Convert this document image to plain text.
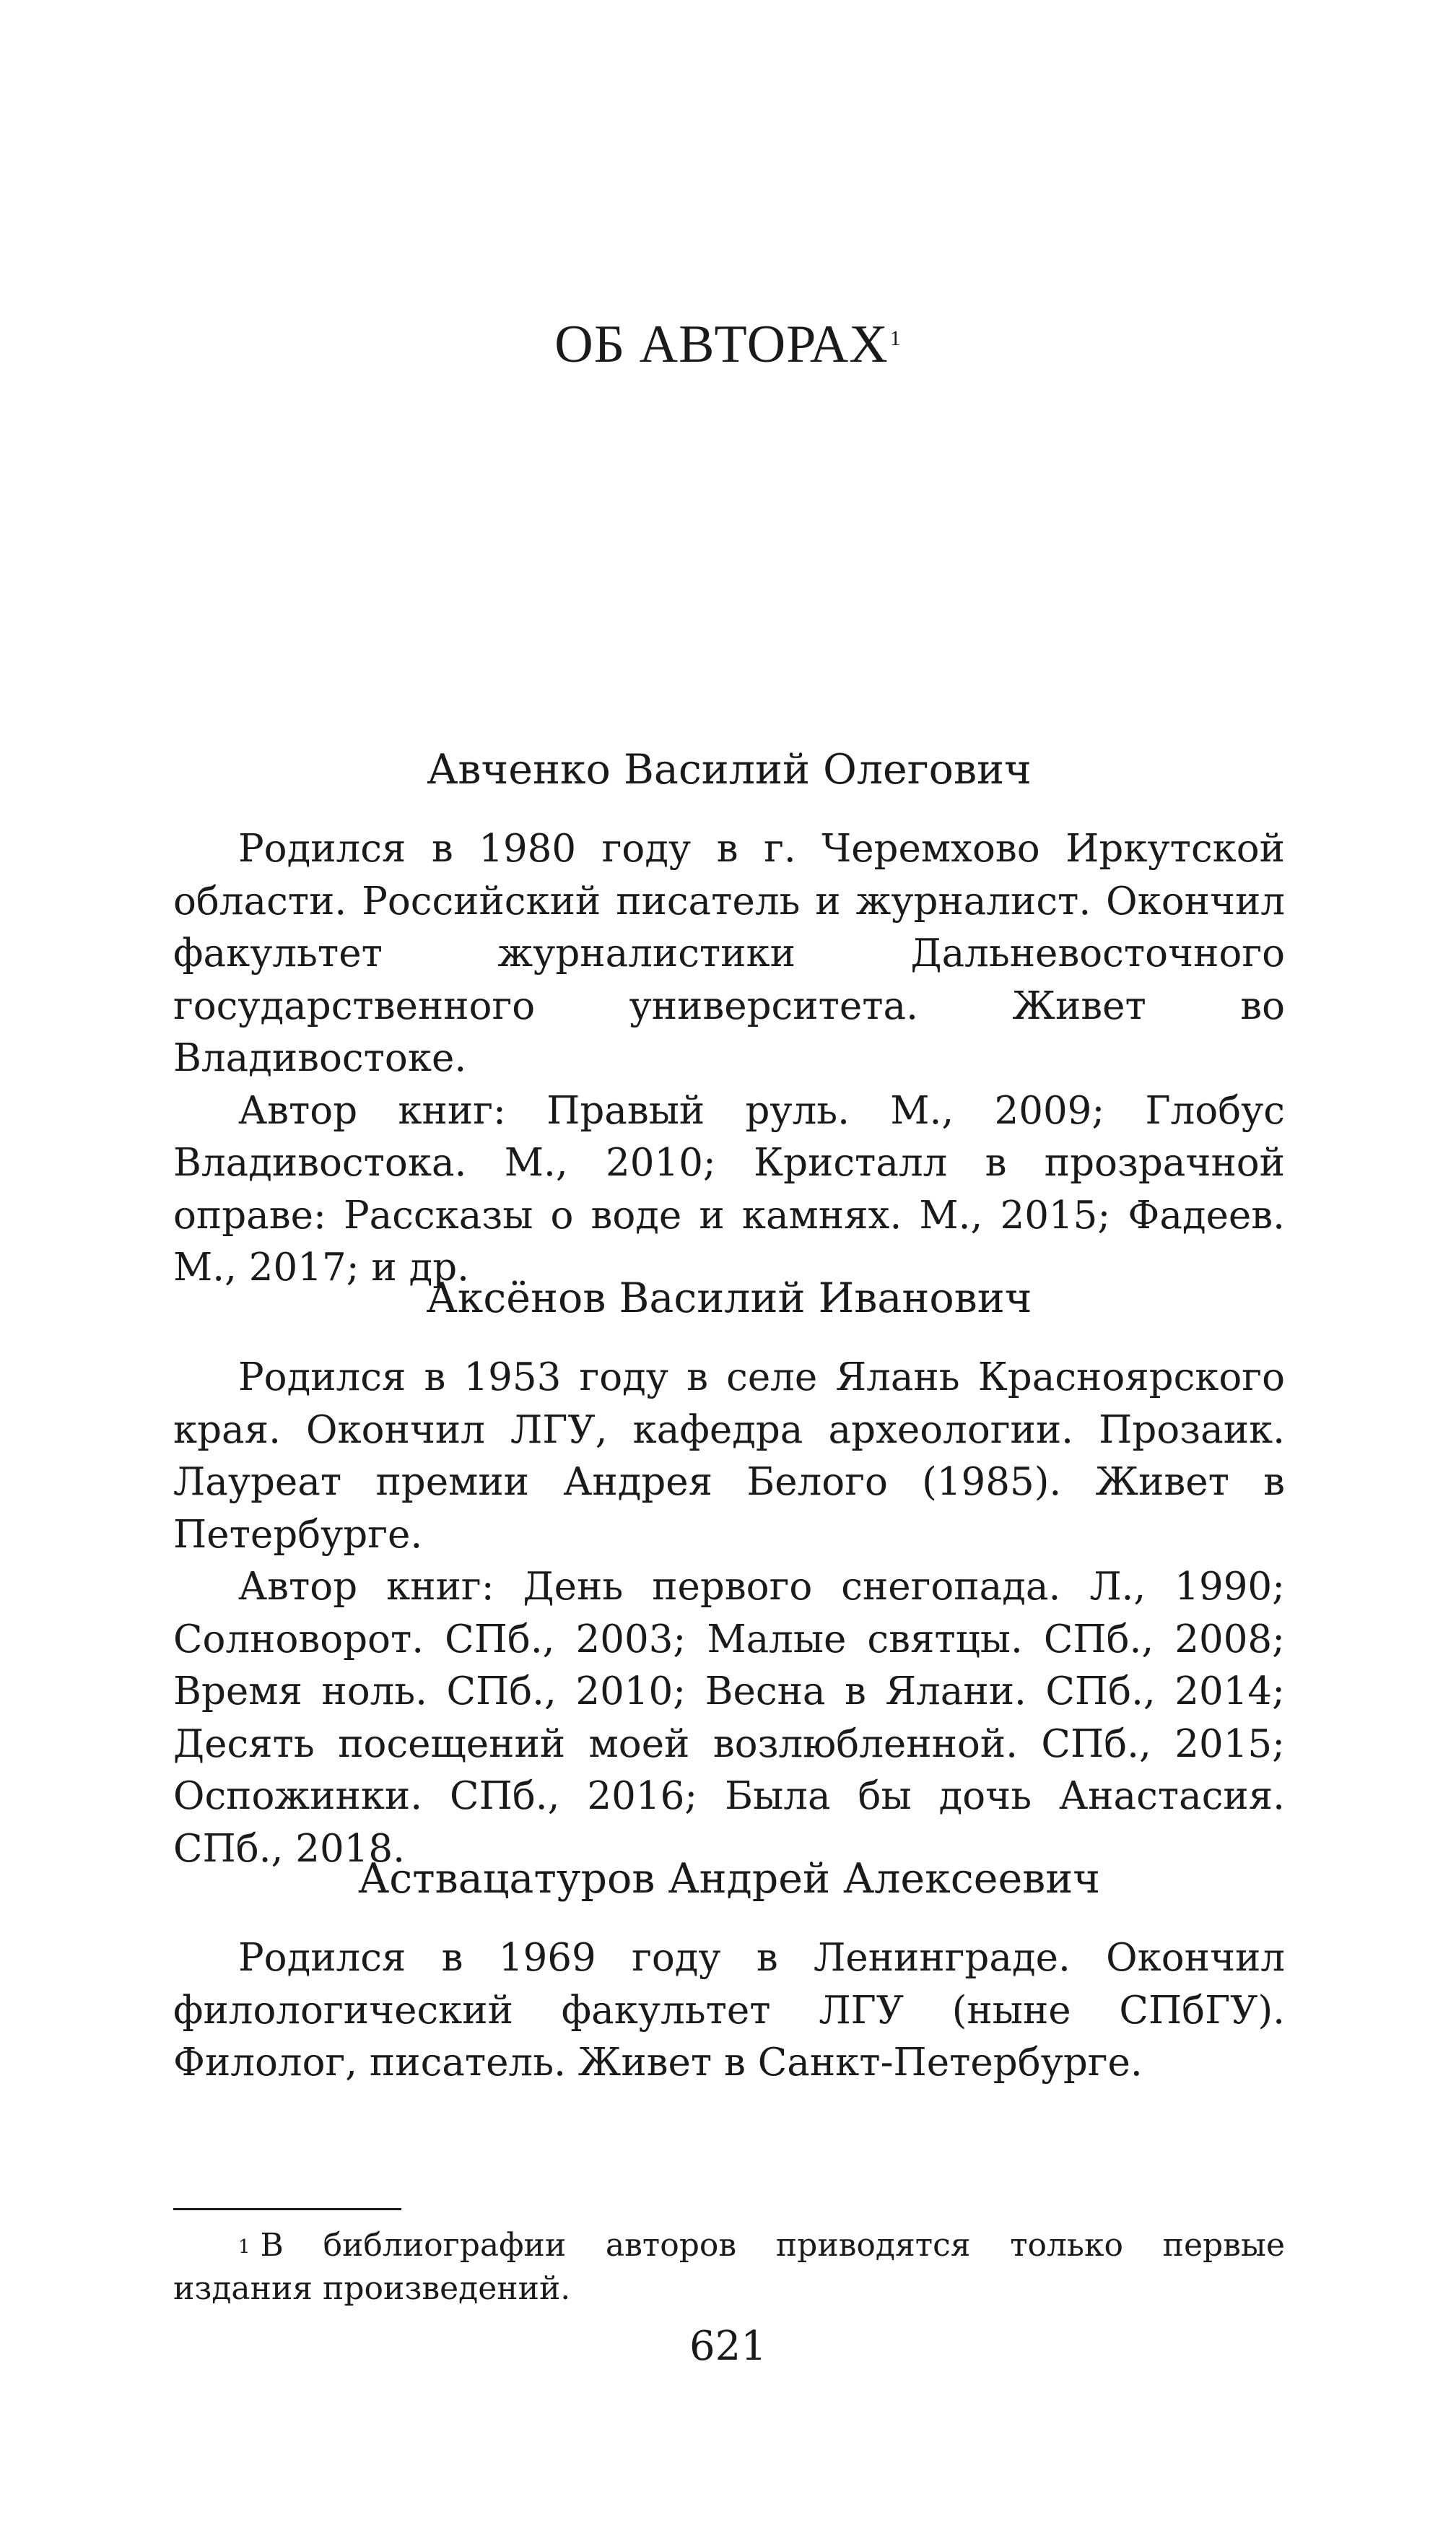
ОБ АВТОРАХ$^1$
Авченко Василий Олегович

Родился в 1980 году в г. Черемхово Иркутской области. Российский писатель и журналист. Окончил факультет журналистики Дальневосточного государственного университета. Живет во Владивостоке.

Автор книг: Правый руль. М., 2009; Глобус Владивостока. М., 2010; Кристалл в прозрачной оправе: Рассказы о воде и камнях. М., 2015; Фадеев. М., 2017; и др.

Аксёнов Василий Иванович

Родился в 1953 году в селе Ялань Красноярского края. Окончил ЛГУ, кафедра археологии. Прозаик. Лауреат премии Андрея Белого (1985). Живет в Петербурге.

Автор книг: День первого снегопада. Л., 1990; Солноворот. СПб., 2003; Малые святцы. СПб., 2008; Время ноль. СПб., 2010; Весна в Ялани. СПб., 2014; Десять посещений моей возлюбленной. СПб., 2015; Оспожинки. СПб., 2016; Была бы дочь Анастасия. СПб., 2018.

Аствацатуров Андрей Алексеевич

Родился в 1969 году в Ленинграде. Окончил филологический факультет ЛГУ (ныне СПбГУ). Филолог, писатель. Живет в Санкт-Петербурге.

$^1$ В библиографии авторов приводятся только первые издания произведений.

621
